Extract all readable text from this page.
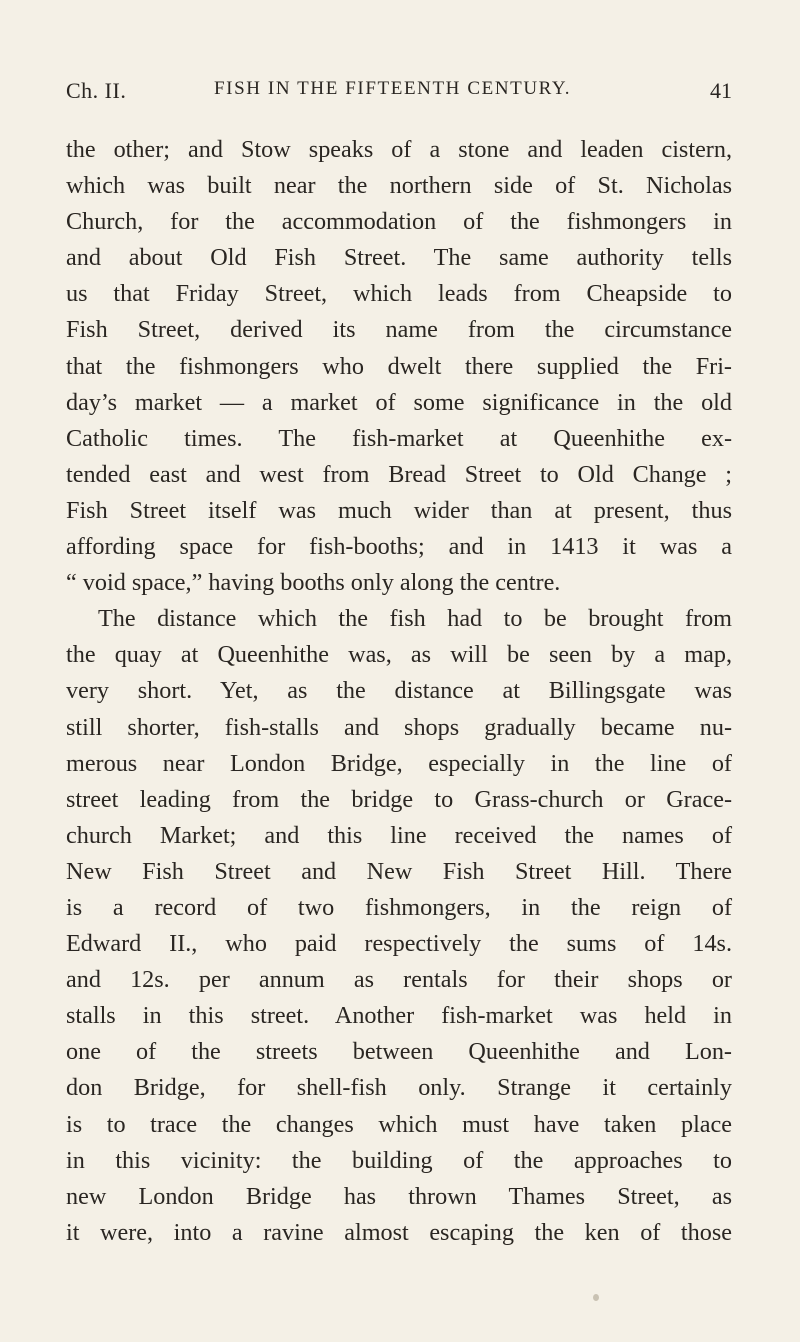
Ch. II.	FISH IN THE FIFTEENTH CENTURY.	41
the other; and Stow speaks of a stone and leaden cistern,
which was built near the northern side of St. Nicholas
Church, for the accommodation of the fishmongers in
and about Old Fish Street. The same authority tells
us that Friday Street, which leads from Cheapside to
Fish Street, derived its name from the circumstance
that the fishmongers who dwelt there supplied the Fri-
day’s market — a market of some significance in the old
Catholic times. The fish-market at Queenhithe ex-
tended east and west from Bread Street to Old Change ;
Fish Street itself was much wider than at present, thus
affording space for fish-booths; and in 1413 it was a
“ void space,” having booths only along the centre.
The distance which the fish had to be brought from
the quay at Queenhithe was, as will be seen by a map,
very short. Yet, as the distance at Billingsgate was
still shorter, fish-stalls and shops gradually became nu-
merous near London Bridge, especially in the line of
street leading from the bridge to Grass-church or Grace-
church Market; and this line received the names of
New Fish Street and New Fish Street Hill. There
is a record of two fishmongers, in the reign of
Edward II., who paid respectively the sums of 14s.
and 12s. per annum as rentals for their shops or
stalls in this street. Another fish-market was held in
one of the streets between Queenhithe and Lon-
don Bridge, for shell-fish only. Strange it certainly
is to trace the changes which must have taken place
in this vicinity: the building of the approaches to
new London Bridge has thrown Thames Street, as
it were, into a ravine almost escaping the ken of those
